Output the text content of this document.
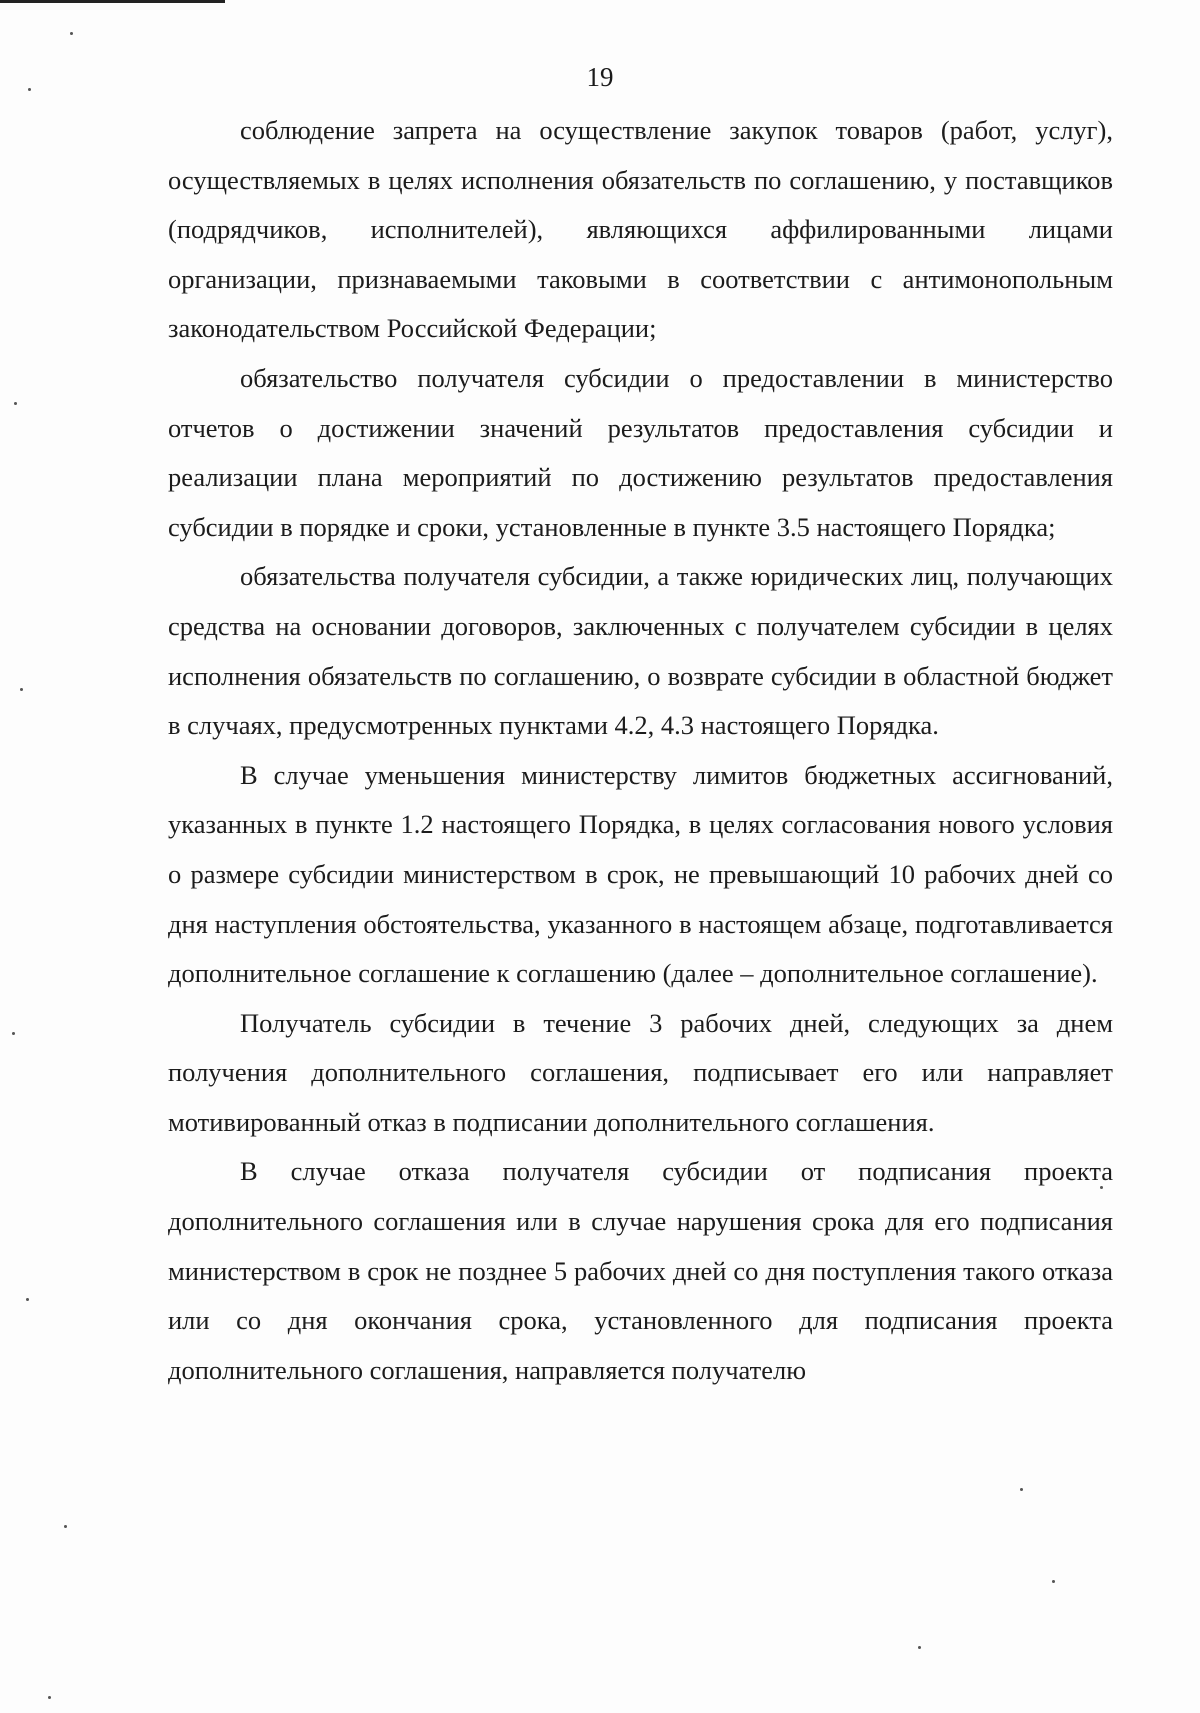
19

соблюдение запрета на осуществление закупок товаров (работ, услуг), осуществляемых в целях исполнения обязательств по соглашению, у поставщиков (подрядчиков, исполнителей), являющихся аффилированными лицами организации, признаваемыми таковыми в соответствии с антимонопольным законодательством Российской Федерации;

обязательство получателя субсидии о предоставлении в министерство отчетов о достижении значений результатов предоставления субсидии и реализации плана мероприятий по достижению результатов предоставления субсидии в порядке и сроки, установленные в пункте 3.5 настоящего Порядка;

обязательства получателя субсидии, а также юридических лиц, получающих средства на основании договоров, заключенных с получателем субсидии в целях исполнения обязательств по соглашению, о возврате субсидии в областной бюджет в случаях, предусмотренных пунктами 4.2, 4.3 настоящего Порядка.

В случае уменьшения министерству лимитов бюджетных ассигнований, указанных в пункте 1.2 настоящего Порядка, в целях согласования нового условия о размере субсидии министерством в срок, не превышающий 10 рабочих дней со дня наступления обстоятельства, указанного в настоящем абзаце, подготавливается дополнительное соглашение к соглашению (далее – дополнительное соглашение).

Получатель субсидии в течение 3 рабочих дней, следующих за днем получения дополнительного соглашения, подписывает его или направляет мотивированный отказ в подписании дополнительного соглашения.

В случае отказа получателя субсидии от подписания проекта дополнительного соглашения или в случае нарушения срока для его подписания министерством в срок не позднее 5 рабочих дней со дня поступления такого отказа или со дня окончания срока, установленного для подписания проекта дополнительного соглашения, направляется получателю
